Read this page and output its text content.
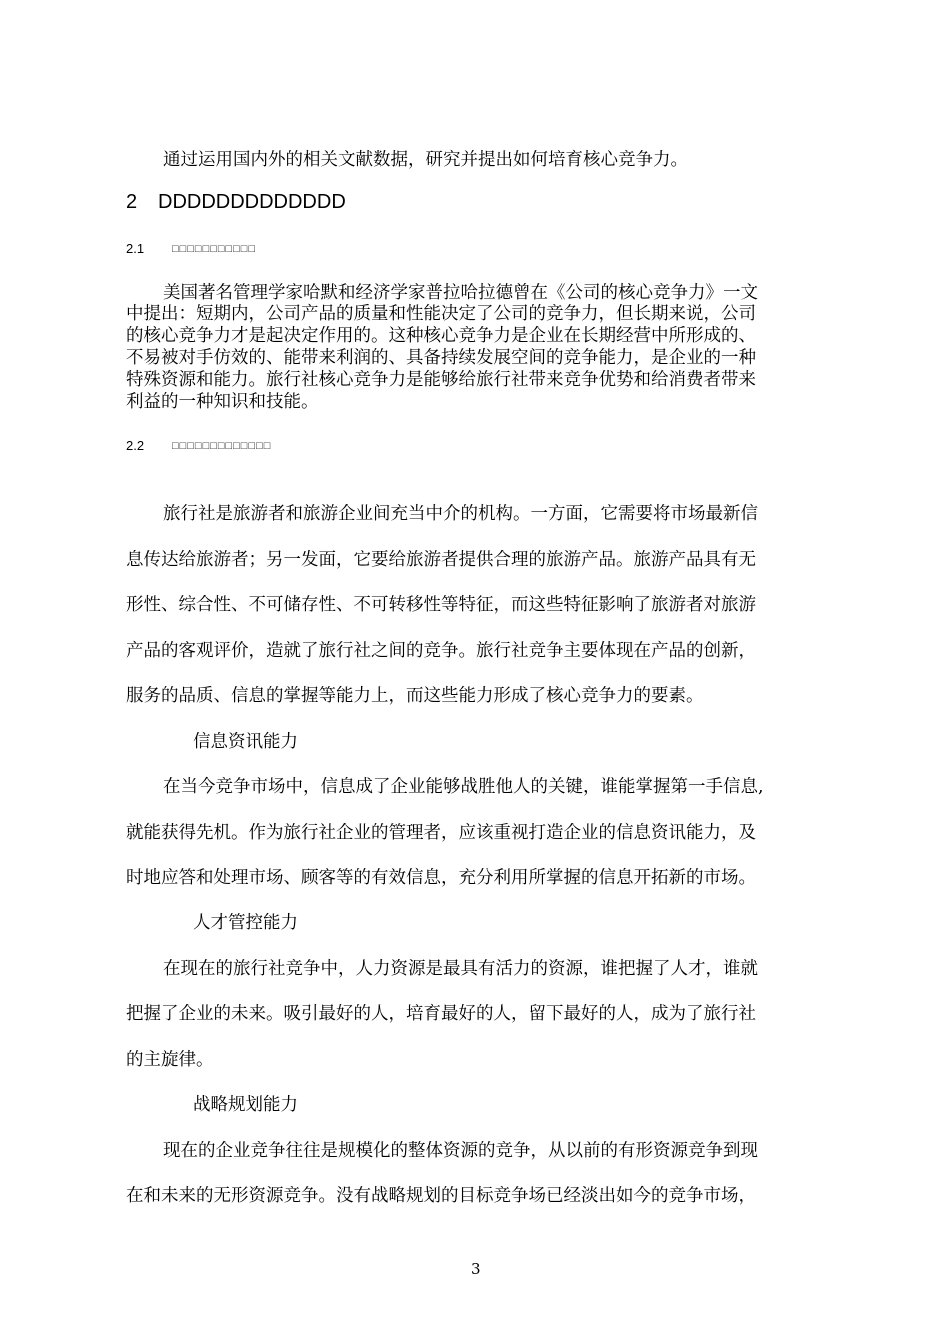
通过运用国内外的相关文献数据，研究并提出如何培育核心竞争力。
2 DDDDDDDDDDDDD
2.1	□□□□□□□□□□□
美国著名管理学家哈默和经济学家普拉哈拉德曾在《公司的核心竞争力》一文
中提出：短期内，公司产品的质量和性能决定了公司的竞争力，但长期来说，公司
的核心竞争力才是起决定作用的。这种核心竞争力是企业在长期经营中所形成的、
不易被对手仿效的、能带来利润的、具备持续发展空间的竞争能力，是企业的一种
特殊资源和能力。旅行社核心竞争力是能够给旅行社带来竞争优势和给消费者带来
利益的一种知识和技能。
2.2	□□□□□□□□□□□□□
旅行社是旅游者和旅游企业间充当中介的机构。一方面，它需要将市场最新信
息传达给旅游者；另一发面，它要给旅游者提供合理的旅游产品。旅游产品具有无
形性、综合性、不可储存性、不可转移性等特征，而这些特征影响了旅游者对旅游
产品的客观评价，造就了旅行社之间的竞争。旅行社竞争主要体现在产品的创新，
服务的品质、信息的掌握等能力上，而这些能力形成了核心竞争力的要素。
信息资讯能力
在当今竞争市场中，信息成了企业能够战胜他人的关键，谁能掌握第一手信息,
就能获得先机。作为旅行社企业的管理者，应该重视打造企业的信息资讯能力，及
时地应答和处理市场、顾客等的有效信息，充分利用所掌握的信息开拓新的市场。
人才管控能力
在现在的旅行社竞争中，人力资源是最具有活力的资源，谁把握了人才，谁就
把握了企业的未来。吸引最好的人，培育最好的人，留下最好的人，成为了旅行社
的主旋律。
战略规划能力
现在的企业竞争往往是规模化的整体资源的竞争，从以前的有形资源竞争到现
在和未来的无形资源竞争。没有战略规划的目标竞争场已经淡出如今的竞争市场，
3
